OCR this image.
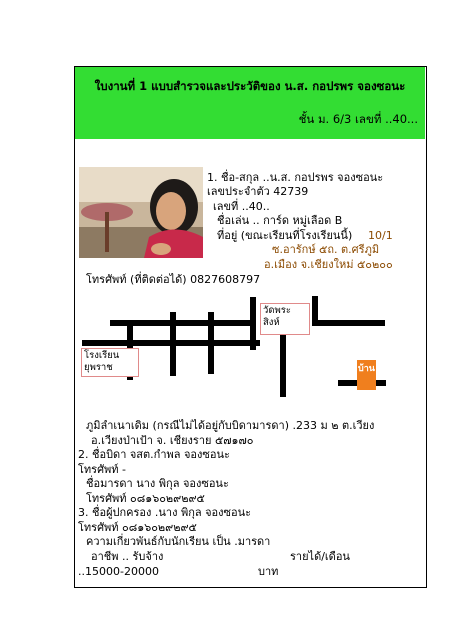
ใบงานที่ 1 แบบสำรวจและประวัติของ น.ส. กอปรพร จองซอนะ
ชั้น ม. 6/3 เลขที่ ..40...
1. ชื่อ-สกุล ..น.ส. กอปรพร จองซอนะ
เลขประจำตัว 42739
เลขที่ ..40..
ชื่อเล่น .. การ์ด หมู่เลือด B
ที่อยู่ (ขณะเรียนที่โรงเรียนนี้) 10/1
ซ.อารักษ์ ๕ถ. ต.ศรีภูมิ
อ.เมือง จ.เชียงใหม่ ๕๐๒๐๐
โทรศัพท์ (ที่ติดต่อได้) 0827608797
วัดพระสิงห์
โรงเรียนยุพราช	บ้าน
ภูมิลำเนาเดิม (กรณีไม่ได้อยู่กับบิดามารดา) .233 ม ๒ ต.เวียง
อ.เวียงป่าเป้า จ. เชียงราย ๕๗๑๗๐
2. ชื่อบิดา จสต.กำพล จองซอนะ
โทรศัพท์ -
ชื่อมารดา นาง พิกุล จองซอนะ
โทรศัพท์ ๐๘๑๖๐๒๙๒๙๕
3. ชื่อผู้ปกครอง .นาง พิกุล จองซอนะ
โทรศัพท์ ๐๘๑๖๐๒๙๒๙๕
ความเกี่ยวพันธ์กับนักเรียน เป็น .มารดา
อาชีพ .. รับจ้าง	รายได้/เดือน
..15000-20000	บาท
